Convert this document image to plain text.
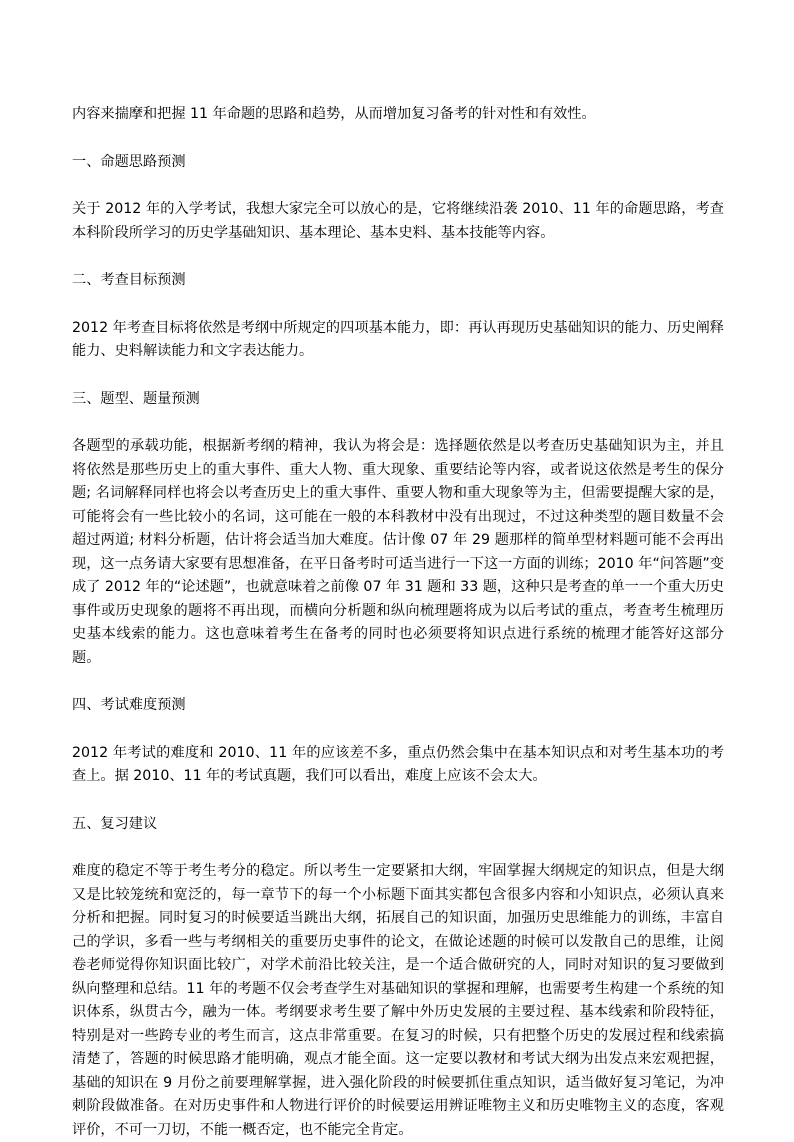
内容来揣摩和把握 11 年命题的思路和趋势，从而增加复习备考的针对性和有效性。

一、命题思路预测

关于 2012 年的入学考试，我想大家完全可以放心的是，它将继续沿袭 2010、11 年的命题思路，考查本科阶段所学习的历史学基础知识、基本理论、基本史料、基本技能等内容。

二、考查目标预测

2012 年考查目标将依然是考纲中所规定的四项基本能力，即：再认再现历史基础知识的能力、历史阐释能力、史料解读能力和文字表达能力。

三、题型、题量预测

各题型的承载功能，根据新考纲的精神，我认为将会是：选择题依然是以考查历史基础知识为主，并且将依然是那些历史上的重大事件、重大人物、重大现象、重要结论等内容，或者说这依然是考生的保分题; 名词解释同样也将会以考查历史上的重大事件、重要人物和重大现象等为主，但需要提醒大家的是，可能将会有一些比较小的名词，这可能在一般的本科教材中没有出现过，不过这种类型的题目数量不会超过两道; 材料分析题，估计将会适当加大难度。估计像 07 年 29 题那样的简单型材料题可能不会再出现，这一点务请大家要有思想准备，在平日备考时可适当进行一下这一方面的训练；2010 年“问答题”变成了 2012 年的“论述题”，也就意味着之前像 07 年 31 题和 33 题，这种只是考查的单一一个重大历史事件或历史现象的题将不再出现，而横向分析题和纵向梳理题将成为以后考试的重点，考查考生梳理历史基本线索的能力。这也意味着考生在备考的同时也必须要将知识点进行系统的梳理才能答好这部分题。

四、考试难度预测

2012 年考试的难度和 2010、11 年的应该差不多，重点仍然会集中在基本知识点和对考生基本功的考查上。据 2010、11 年的考试真题，我们可以看出，难度上应该不会太大。

五、复习建议

难度的稳定不等于考生考分的稳定。所以考生一定要紧扣大纲，牢固掌握大纲规定的知识点，但是大纲又是比较笼统和宽泛的，每一章节下的每一个小标题下面其实都包含很多内容和小知识点，必须认真来分析和把握。同时复习的时候要适当跳出大纲，拓展自己的知识面，加强历史思维能力的训练，丰富自己的学识，多看一些与考纲相关的重要历史事件的论文，在做论述题的时候可以发散自己的思维，让阅卷老师觉得你知识面比较广，对学术前沿比较关注，是一个适合做研究的人，同时对知识的复习要做到纵向整理和总结。11 年的考题不仅会考查学生对基础知识的掌握和理解，也需要考生构建一个系统的知识体系，纵贯古今，融为一体。考纲要求考生要了解中外历史发展的主要过程、基本线索和阶段特征，特别是对一些跨专业的考生而言，这点非常重要。在复习的时候，只有把整个历史的发展过程和线索搞清楚了，答题的时候思路才能明确，观点才能全面。这一定要以教材和考试大纲为出发点来宏观把握，基础的知识在 9 月份之前要理解掌握，进入强化阶段的时候要抓住重点知识，适当做好复习笔记，为冲刺阶段做准备。在对历史事件和人物进行评价的时候要运用辨证唯物主义和历史唯物主义的态度，客观评价，不可一刀切，不能一概否定，也不能完全肯定。
